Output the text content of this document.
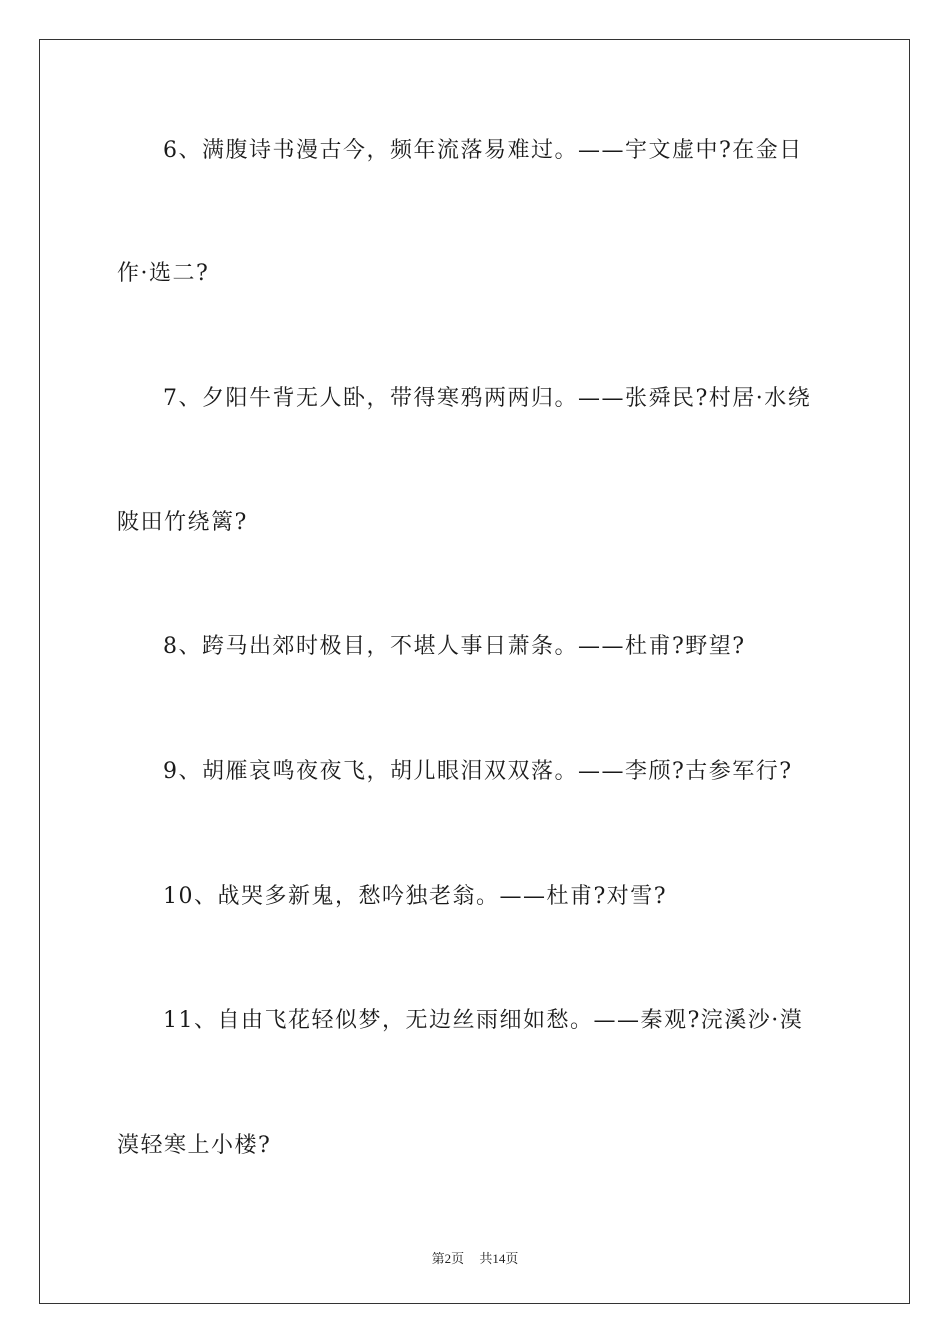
6、满腹诗书漫古今，频年流落易难过。——宇文虚中?在金日
作·选二?
7、夕阳牛背无人卧，带得寒鸦两两归。——张舜民?村居·水绕
陂田竹绕篱?
8、跨马出郊时极目，不堪人事日萧条。——杜甫?野望?
9、胡雁哀鸣夜夜飞，胡儿眼泪双双落。——李颀?古参军行?
10、战哭多新鬼，愁吟独老翁。——杜甫?对雪?
11、自由飞花轻似梦，无边丝雨细如愁。——秦观?浣溪沙·漠
漠轻寒上小楼?
第2页 共14页
